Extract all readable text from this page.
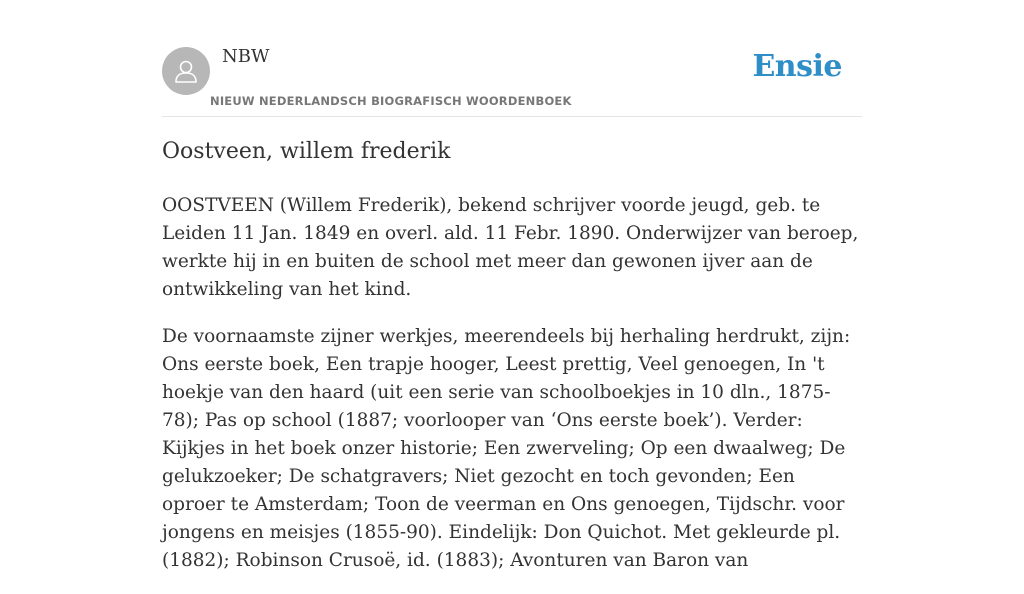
NBW
NIEUW NEDERLANDSCH BIOGRAFISCH WOORDENBOEK
Ensie
Oostveen, willem frederik

OOSTVEEN (Willem Frederik), bekend schrijver voorde jeugd, geb. te Leiden 11 Jan. 1849 en overl. ald. 11 Febr. 1890. Onderwijzer van beroep, werkte hij in en buiten de school met meer dan gewonen ijver aan de ontwikkeling van het kind.

De voornaamste zijner werkjes, meerendeels bij herhaling herdrukt, zijn: Ons eerste boek, Een trapje hooger, Leest prettig, Veel genoegen, In 't hoekje van den haard (uit een serie van schoolboekjes in 10 dln., 1875-78); Pas op school (1887; voorlooper van ‘Ons eerste boek’). Verder: Kijkjes in het boek onzer historie; Een zwerveling; Op een dwaalweg; De gelukzoeker; De schatgravers; Niet gezocht en toch gevonden; Een oproer te Amsterdam; Toon de veerman en Ons genoegen, Tijdschr. voor jongens en meisjes (1855-90). Eindelijk: Don Quichot. Met gekleurde pl. (1882); Robinson Crusoë, id. (1883); Avonturen van Baron van
